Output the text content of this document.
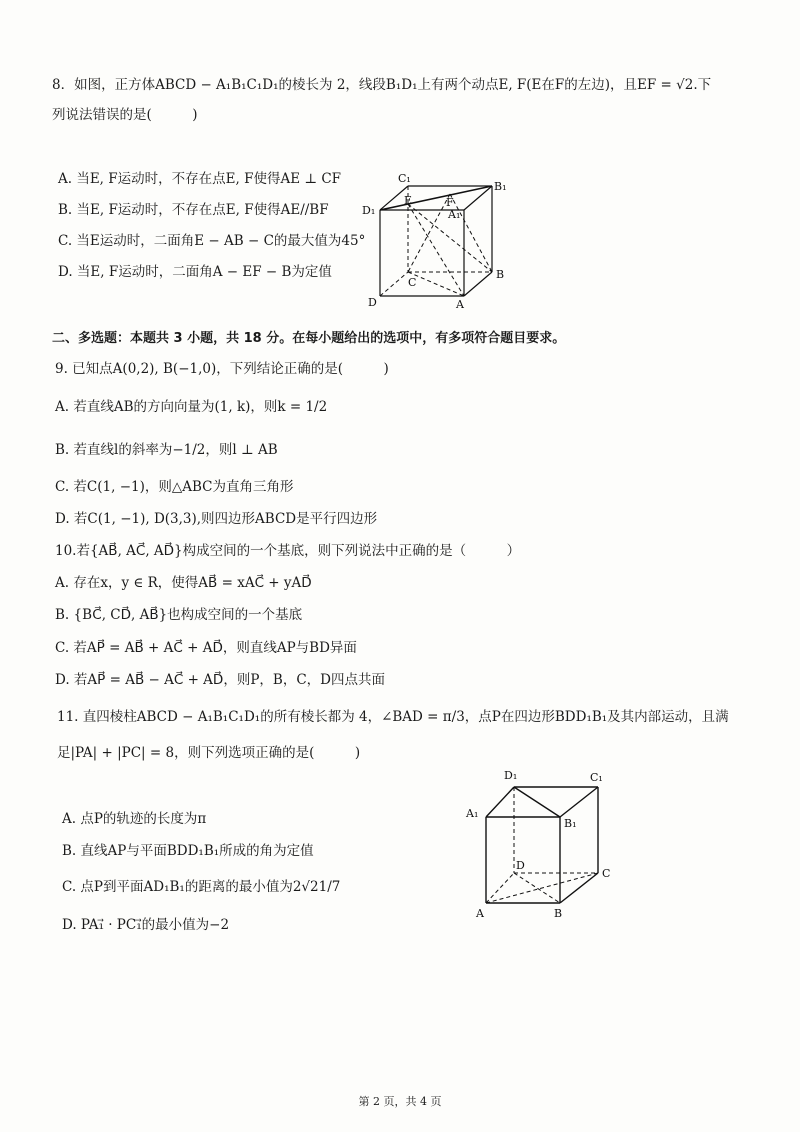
8．如图，正方体ABCD − A₁B₁C₁D₁的棱长为 2，线段B₁D₁上有两个动点E, F(E在F的左边)，且EF = √2.下
列说法错误的是(　　　)
A. 当E, F运动时，不存在点E, F使得AE ⊥ CF
B. 当E, F运动时，不存在点E, F使得AE//BF
C. 当E运动时，二面角E − AB − C的最大值为45°
D. 当E, F运动时，二面角A − EF − B为定值
C₁
B₁
D₁
E	F
A₁
B
C
D	A
二、多选题：本题共 3 小题，共 18 分。在每小题给出的选项中，有多项符合题目要求。
9. 已知点A(0,2), B(−1,0)，下列结论正确的是(　　　)
A. 若直线AB的方向向量为(1, k)，则k = 1/2
B. 若直线l的斜率为−1/2，则l ⊥ AB
C. 若C(1, −1)，则△ABC为直角三角形
D. 若C(1, −1), D(3,3),则四边形ABCD是平行四边形
10.若{AB⃗, AC⃗, AD⃗}构成空间的一个基底，则下列说法中正确的是（　　　）
A. 存在x，y ∈ R，使得AB⃗ = xAC⃗ + yAD⃗
B. {BC⃗, CD⃗, AB⃗}也构成空间的一个基底
C. 若AP⃗ = AB⃗ + AC⃗ + AD⃗，则直线AP与BD异面
D. 若AP⃗ = AB⃗ − AC⃗ + AD⃗，则P，B，C，D四点共面
11. 直四棱柱ABCD − A₁B₁C₁D₁的所有棱长都为 4，∠BAD = π/3，点P在四边形BDD₁B₁及其内部运动，且满
足|PA| + |PC| = 8，则下列选项正确的是(　　　)
A. 点P的轨迹的长度为π
B. 直线AP与平面BDD₁B₁所成的角为定值
C. 点P到平面AD₁B₁的距离的最小值为2√21/7
D. PA₁⃗ · PC₁⃗的最小值为−2
D₁	C₁
A₁
B₁
D
C
A	B
第 2 页，共 4 页
